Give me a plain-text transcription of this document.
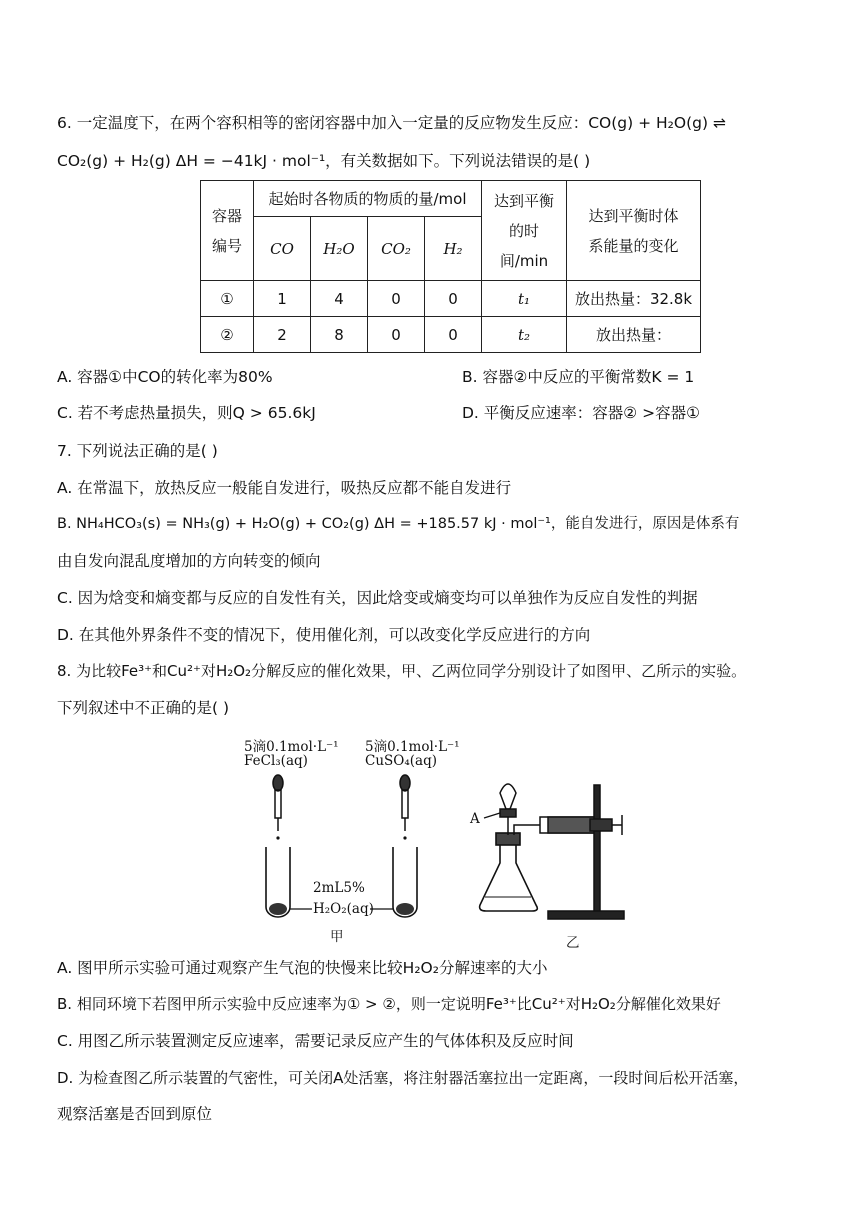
6. 一定温度下，在两个容积相等的密闭容器中加入一定量的反应物发生反应：CO(g) + H₂O(g) ⇌
CO₂(g) + H₂(g) ΔH = −41kJ · mol⁻¹，有关数据如下。下列说法错误的是( )
容器编号	起始时各物质的物质的量/mol				达到平衡的时间/min	达到平衡时体系能量的变化

	CO	H₂O	CO₂	H₂		
①	1	4	0	0	t₁	放出热量：32.8k
②	2	8	0	0	t₂	放出热量：
A. 容器①中CO的转化率为80%	B. 容器②中反应的平衡常数K = 1
C. 若不考虑热量损失，则Q > 65.6kJ	D. 平衡反应速率：容器② >容器①
7. 下列说法正确的是( )
A. 在常温下，放热反应一般能自发进行，吸热反应都不能自发进行
B. NH₄HCO₃(s) = NH₃(g) + H₂O(g) + CO₂(g) ΔH = +185.57 kJ · mol⁻¹，能自发进行，原因是体系有
由自发向混乱度增加的方向转变的倾向
C. 因为焓变和熵变都与反应的自发性有关，因此焓变或熵变均可以单独作为反应自发性的判据
D. 在其他外界条件不变的情况下，使用催化剂，可以改变化学反应进行的方向
8. 为比较Fe³⁺和Cu²⁺对H₂O₂分解反应的催化效果，甲、乙两位同学分别设计了如图甲、乙所示的实验。
下列叙述中不正确的是( )
5滴0.1mol·L⁻¹
FeCl₃(aq)
5滴0.1mol·L⁻¹
CuSO₄(aq)
2mL5%
H₂O₂(aq)
A
甲	乙
A. 图甲所示实验可通过观察产生气泡的快慢来比较H₂O₂分解速率的大小
B. 相同环境下若图甲所示实验中反应速率为① > ②，则一定说明Fe³⁺比Cu²⁺对H₂O₂分解催化效果好
C. 用图乙所示装置测定反应速率，需要记录反应产生的气体体积及反应时间
D. 为检查图乙所示装置的气密性，可关闭A处活塞，将注射器活塞拉出一定距离，一段时间后松开活塞，
观察活塞是否回到原位
